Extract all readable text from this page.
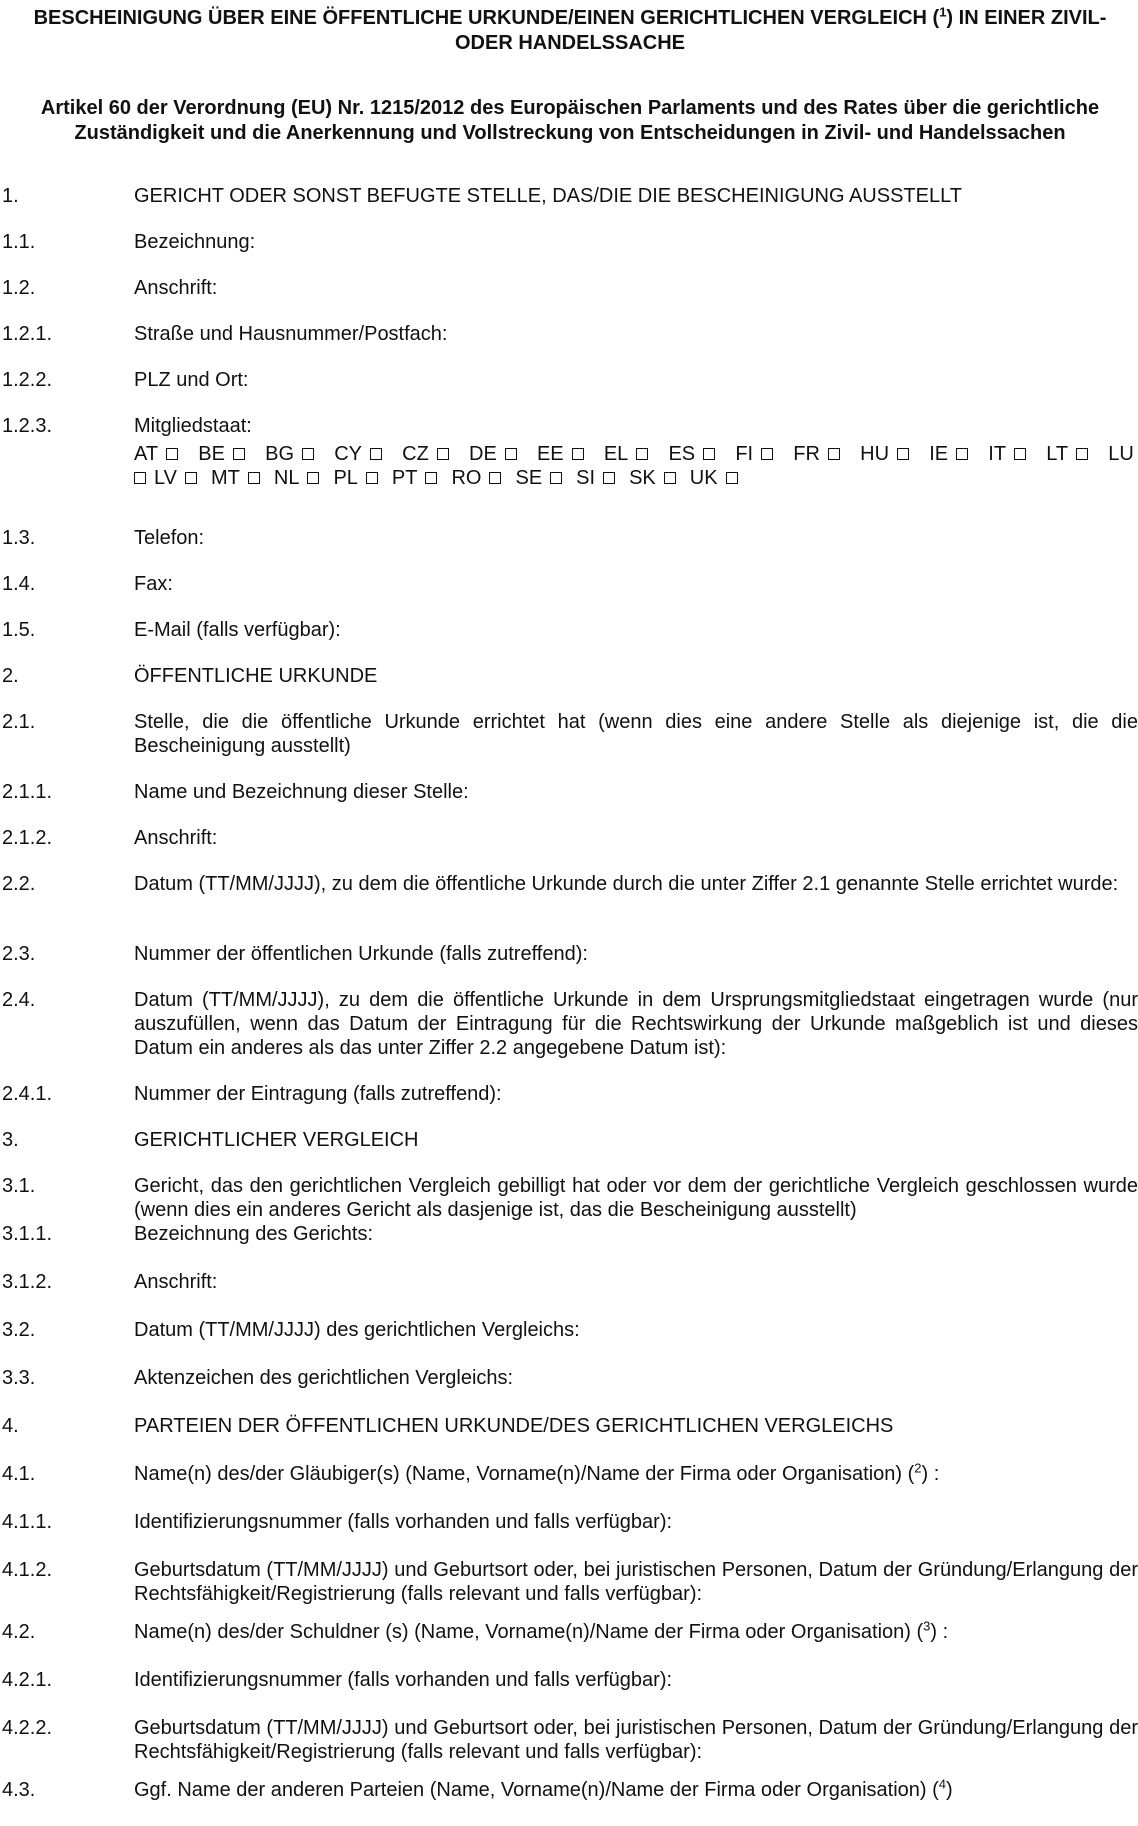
BESCHEINIGUNG ÜBER EINE ÖFFENTLICHE URKUNDE/EINEN GERICHTLICHEN VERGLEICH ($^1$) IN EINER ZIVIL-
ODER HANDELSSACHE
Artikel 60 der Verordnung (EU) Nr. 1215/2012 des Europäischen Parlaments und des Rates über die gerichtliche
Zuständigkeit und die Anerkennung und Vollstreckung von Entscheidungen in Zivil- und Handelssachen
1.	GERICHT ODER SONST BEFUGTE STELLE, DAS/DIE DIE BESCHEINIGUNG AUSSTELLT
1.1.	Bezeichnung:
1.2.	Anschrift:
1.2.1.	Straße und Hausnummer/Postfach:
1.2.2.	PLZ und Ort:
1.2.3.	Mitgliedstaat:
1.3.	Telefon:
1.4.	Fax:
1.5.	E-Mail (falls verfügbar):
2.	ÖFFENTLICHE URKUNDE
2.1.	Stelle, die die öffentliche Urkunde errichtet hat (wenn dies eine andere Stelle als diejenige ist, die die Bescheinigung ausstellt)
2.1.1.	Name und Bezeichnung dieser Stelle:
2.1.2.	Anschrift:
2.2.	Datum (TT/MM/JJJJ), zu dem die öffentliche Urkunde durch die unter Ziffer 2.1 genannte Stelle errichtet wurde:
2.3.	Nummer der öffentlichen Urkunde (falls zutreffend):
2.4.	Datum (TT/MM/JJJJ), zu dem die öffentliche Urkunde in dem Ursprungsmitgliedstaat eingetragen wurde (nur auszufüllen, wenn das Datum der Eintragung für die Rechtswirkung der Urkunde maßgeblich ist und dieses Datum ein anderes als das unter Ziffer 2.2 angegebene Datum ist):
2.4.1.	Nummer der Eintragung (falls zutreffend):
3.	GERICHTLICHER VERGLEICH
3.1.	Gericht, das den gerichtlichen Vergleich gebilligt hat oder vor dem der gerichtliche Vergleich geschlossen wurde (wenn dies ein anderes Gericht als dasjenige ist, das die Bescheinigung ausstellt)
3.1.1.	Bezeichnung des Gerichts:
3.1.2.	Anschrift:
3.2.	Datum (TT/MM/JJJJ) des gerichtlichen Vergleichs:
3.3.	Aktenzeichen des gerichtlichen Vergleichs:
4.	PARTEIEN DER ÖFFENTLICHEN URKUNDE/DES GERICHTLICHEN VERGLEICHS
4.1.	Name(n) des/der Gläubiger(s) (Name, Vorname(n)/Name der Firma oder Organisation) ($^2$) :
4.1.1.	Identifizierungsnummer (falls vorhanden und falls verfügbar):
4.1.2.	Geburtsdatum (TT/MM/JJJJ) und Geburtsort oder, bei juristischen Personen, Datum der Gründung/Erlangung der Rechtsfähigkeit/Registrierung (falls relevant und falls verfügbar):
4.2.	Name(n) des/der Schuldner (s) (Name, Vorname(n)/Name der Firma oder Organisation) ($^3$) :
4.2.1.	Identifizierungsnummer (falls vorhanden und falls verfügbar):
4.2.2.	Geburtsdatum (TT/MM/JJJJ) und Geburtsort oder, bei juristischen Personen, Datum der Gründung/Erlangung der Rechtsfähigkeit/Registrierung (falls relevant und falls verfügbar):
4.3.	Ggf. Name der anderen Parteien (Name, Vorname(n)/Name der Firma oder Organisation) ($^4$)
AT BE BG CY CZ DE EE EL ES FI FR HU IE IT LT LU
LV MT NL PL PT RO SE SI SK UK
